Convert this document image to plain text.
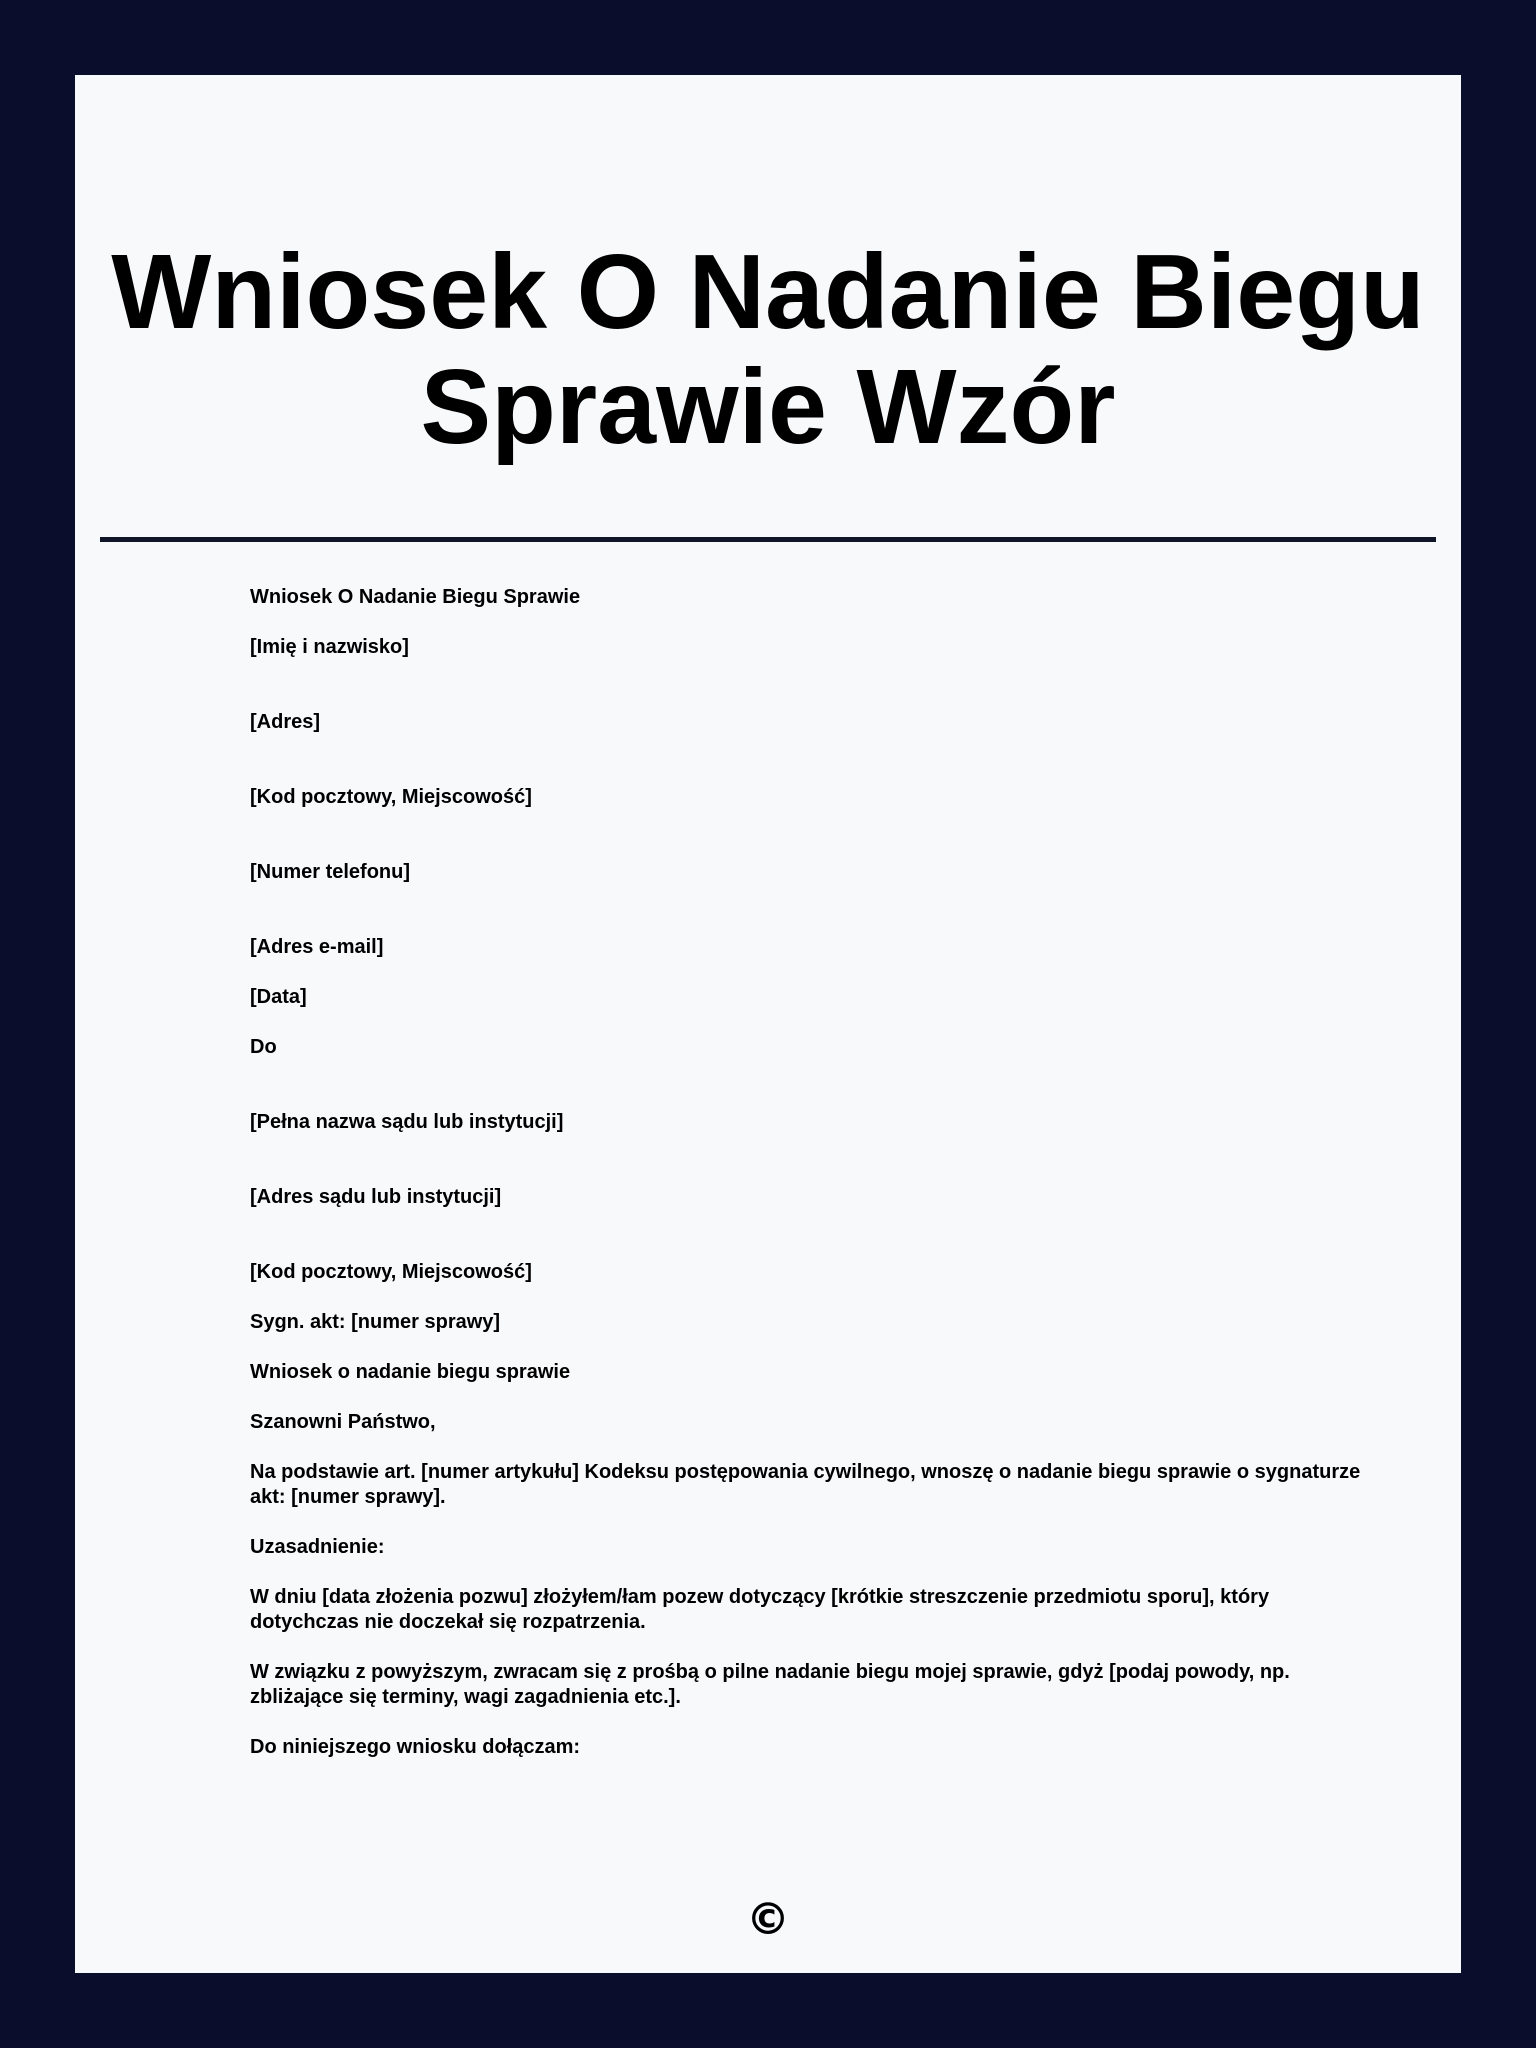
Wniosek O Nadanie Biegu Sprawie Wzór

Wniosek O Nadanie Biegu Sprawie

[Imię i nazwisko]

[Adres]

[Kod pocztowy, Miejscowość]

[Numer telefonu]

[Adres e-mail]

[Data]

Do

[Pełna nazwa sądu lub instytucji]

[Adres sądu lub instytucji]

[Kod pocztowy, Miejscowość]

Sygn. akt: [numer sprawy]

Wniosek o nadanie biegu sprawie

Szanowni Państwo,

Na podstawie art. [numer artykułu] Kodeksu postępowania cywilnego, wnoszę o nadanie biegu sprawie o sygnaturze akt: [numer sprawy].

Uzasadnienie:

W dniu [data złożenia pozwu] złożyłem/łam pozew dotyczący [krótkie streszczenie przedmiotu sporu], który dotychczas nie doczekał się rozpatrzenia.

W związku z powyższym, zwracam się z prośbą o pilne nadanie biegu mojej sprawie, gdyż [podaj powody, np. zbliżające się terminy, wagi zagadnienia etc.].

Do niniejszego wniosku dołączam:

©
